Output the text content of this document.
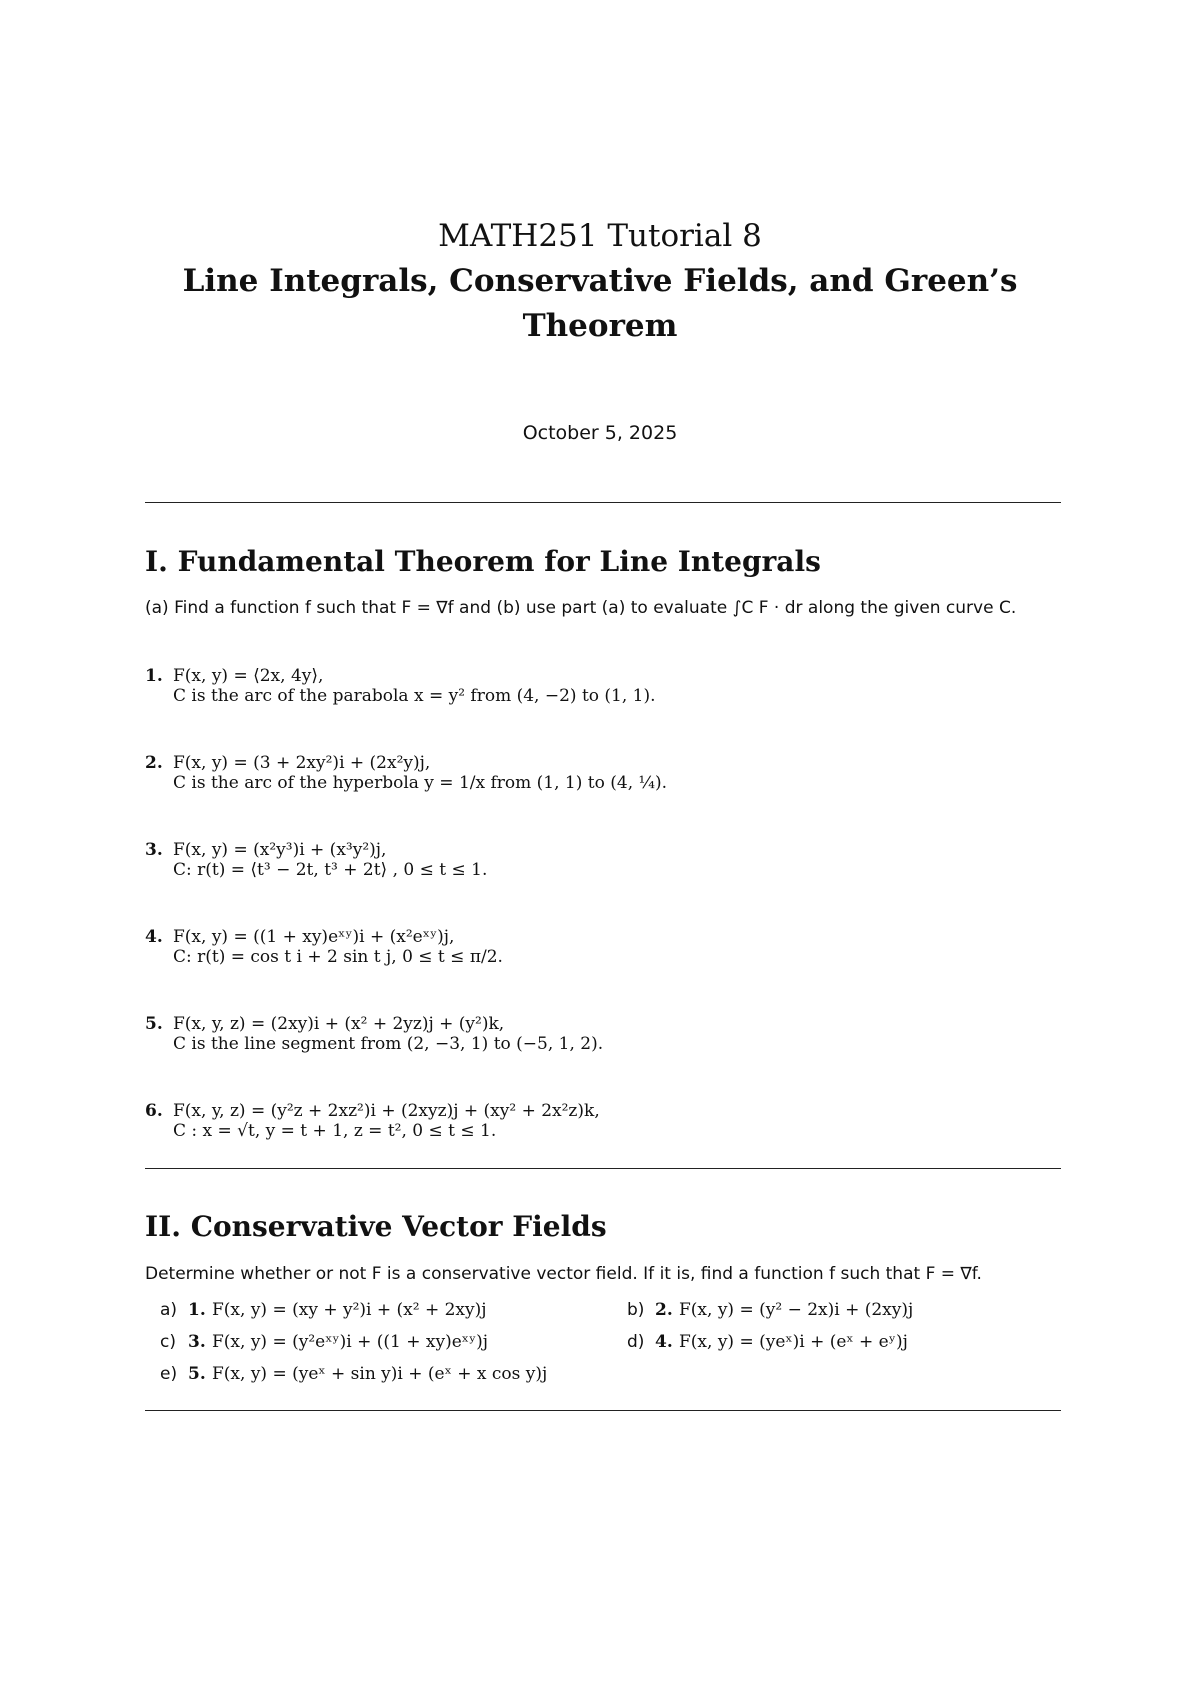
MATH251 Tutorial 8
Line Integrals, Conservative Fields, and Green’s
Theorem
October 5, 2025
I. Fundamental Theorem for Line Integrals
(a) Find a function f such that F = ∇f and (b) use part (a) to evaluate ∫C F · dr along the given curve C.
1. F(x, y) = ⟨2x, 4y⟩,
C is the arc of the parabola x = y² from (4, −2) to (1, 1).
2. F(x, y) = (3 + 2xy²)i + (2x²y)j,
C is the arc of the hyperbola y = 1/x from (1, 1) to (4, ¼).
3. F(x, y) = (x²y³)i + (x³y²)j,
C: r(t) = ⟨t³ − 2t, t³ + 2t⟩ , 0 ≤ t ≤ 1.
4. F(x, y) = ((1 + xy)eˣʸ)i + (x²eˣʸ)j,
C: r(t) = cos t i + 2 sin t j, 0 ≤ t ≤ π/2.
5. F(x, y, z) = (2xy)i + (x² + 2yz)j + (y²)k,
C is the line segment from (2, −3, 1) to (−5, 1, 2).
6. F(x, y, z) = (y²z + 2xz²)i + (2xyz)j + (xy² + 2x²z)k,
C : x = √t, y = t + 1, z = t², 0 ≤ t ≤ 1.
II. Conservative Vector Fields
Determine whether or not F is a conservative vector field. If it is, find a function f such that F = ∇f.
a) 1. F(x, y) = (xy + y²)i + (x² + 2xy)j	b) 2. F(x, y) = (y² − 2x)i + (2xy)j
c) 3. F(x, y) = (y²eˣʸ)i + ((1 + xy)eˣʸ)j	d) 4. F(x, y) = (yeˣ)i + (eˣ + eʸ)j
e) 5. F(x, y) = (yeˣ + sin y)i + (eˣ + x cos y)j
